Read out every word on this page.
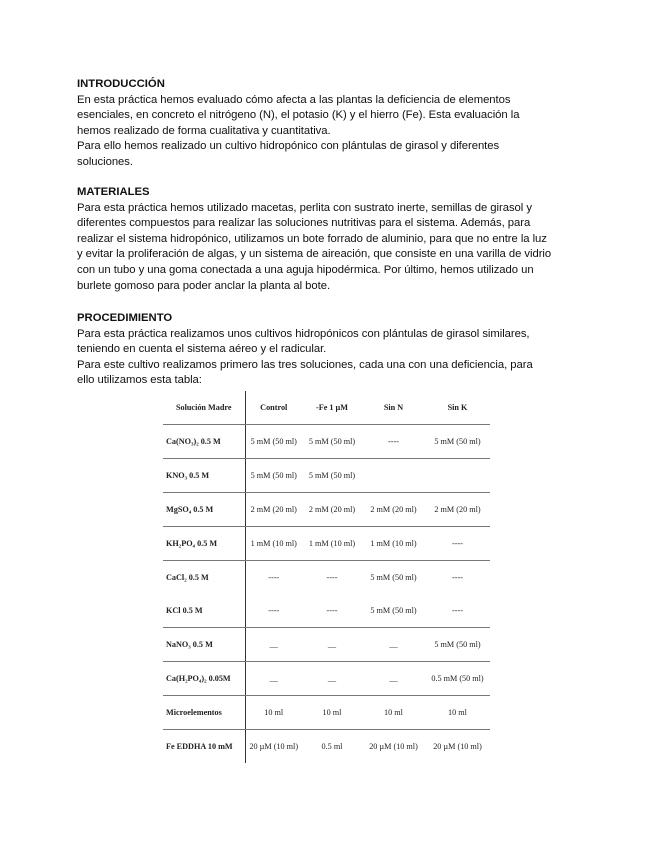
INTRODUCCIÓN

En esta práctica hemos evaluado cómo afecta a las plantas la deficiencia de elementos

esenciales, en concreto el nitrógeno (N), el potasio (K) y el hierro (Fe). Esta evaluación la

hemos realizado de forma cualitativa y cuantitativa.

Para ello hemos realizado un cultivo hidropónico con plántulas de girasol y diferentes

soluciones.

MATERIALES

Para esta práctica hemos utilizado macetas, perlita con sustrato inerte, semillas de girasol y

diferentes compuestos para realizar las soluciones nutritivas para el sistema. Además, para

realizar el sistema hidropónico, utilizamos un bote forrado de aluminio, para que no entre la luz

y evitar la proliferación de algas, y un sistema de aireación, que consiste en una varilla de vidrio

con un tubo y una goma conectada a una aguja hipodérmica. Por último, hemos utilizado un

burlete gomoso para poder anclar la planta al bote.

PROCEDIMIENTO

Para esta práctica realizamos unos cultivos hidropónicos con plántulas de girasol similares,

teniendo en cuenta el sistema aéreo y el radicular.

Para este cultivo realizamos primero las tres soluciones, cada una con una deficiencia, para

ello utilizamos esta tabla:

Solución Madre	Control	-Fe 1 µM	Sin N	Sin K
Ca(NO₃)₂ 0.5 M	5 mM (50 ml)	5 mM (50 ml)	----	5 mM (50 ml)
KNO₃ 0.5 M	5 mM (50 ml)	5 mM (50 ml)		
MgSO₄ 0.5 M	2 mM (20 ml)	2 mM (20 ml)	2 mM (20 ml)	2 mM (20 ml)
KH₂PO₄ 0.5 M	1 mM (10 ml)	1 mM (10 ml)	1 mM (10 ml)	----
CaCl₂ 0.5 M	----	----	5 mM (50 ml)	----
KCl 0.5 M	----	----	5 mM (50 ml)	----
NaNO₃ 0.5 M	__	__	__	5 mM (50 ml)
Ca(H₂PO₄)₂ 0.05M	__	__	__	0.5 mM (50 ml)
Microelementos	10 ml	10 ml	10 ml	10 ml
Fe EDDHA 10 mM	20 µM (10 ml)	0.5 ml	20 µM (10 ml)	20 µM (10 ml)
